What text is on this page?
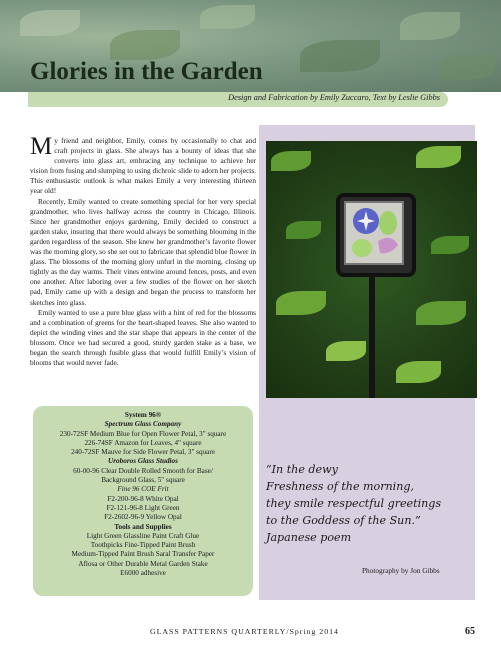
Glories in the Garden
Design and Fabrication by Emily Zuccaro, Text by Leslie Gibbs

My friend and neighbor, Emily, comes by occasionally to chat and craft projects in glass. She always has a bounty of ideas that she converts into glass art, embracing any technique to achieve her vision from fusing and slumping to using dichroic slide to adorn her projects. This enthusiastic outlook is what makes Emily a very interesting thirteen year old!

Recently, Emily wanted to create something special for her very special grandmother, who lives halfway across the country in Chicago, Illinois. Since her grandmother enjoys gardening, Emily decided to construct a garden stake, insuring that there would always be something blooming in the garden regardless of the season. She knew her grandmother’s favorite flower was the morning glory, so she set out to fabricate that splendid blue flower in glass. The blossoms of the morning glory unfurl in the morning, closing up tightly as the day warms. Their vines entwine around fences, posts, and even one another. After laboring over a few studies of the flower on her sketch pad, Emily came up with a design and began the process to transform her sketches into glass.

Emily wanted to use a pure blue glass with a hint of red for the blossoms and a combination of greens for the heart-shaped leaves. She also wanted to depict the winding vines and the star shape that appears in the center of the blossom. Once we had secured a good, sturdy garden stake as a base, we began the search through fusible glass that would fulfill Emily’s vision of blooms that would never fade.

System 96®
Spectrum Glass Company
230-72SF Medium Blue for Open Flower Petal, 3" square
226-74SF Amazon for Leaves, 4" square
240-72SF Mauve for Side Flower Petal, 3" square
Uroboros Glass Studios
60-00-96 Clear Double Rolled Smooth for Base/
Background Glass, 5" square
Fine 96 COE Frit
F2-200-96-8 White Opal
F2-121-96-8 Light Green
F2-2602-96-9 Yellow Opal
Tools and Supplies
Light Green Glassline Paint Craft Glue
Toothpicks Fine-Tipped Paint Brush
Medium-Tipped Paint Brush Saral Transfer Paper
Aflosa or Other Durable Metal Garden Stake
E6000 adhesive
“In the dewy
Freshness of the morning,
they smile respectful greetings
to the Goddess of the Sun.”
Japanese poem
Photography by Jon Gibbs
GLASS PATTERNS QUARTERLY/Spring 2014	65
